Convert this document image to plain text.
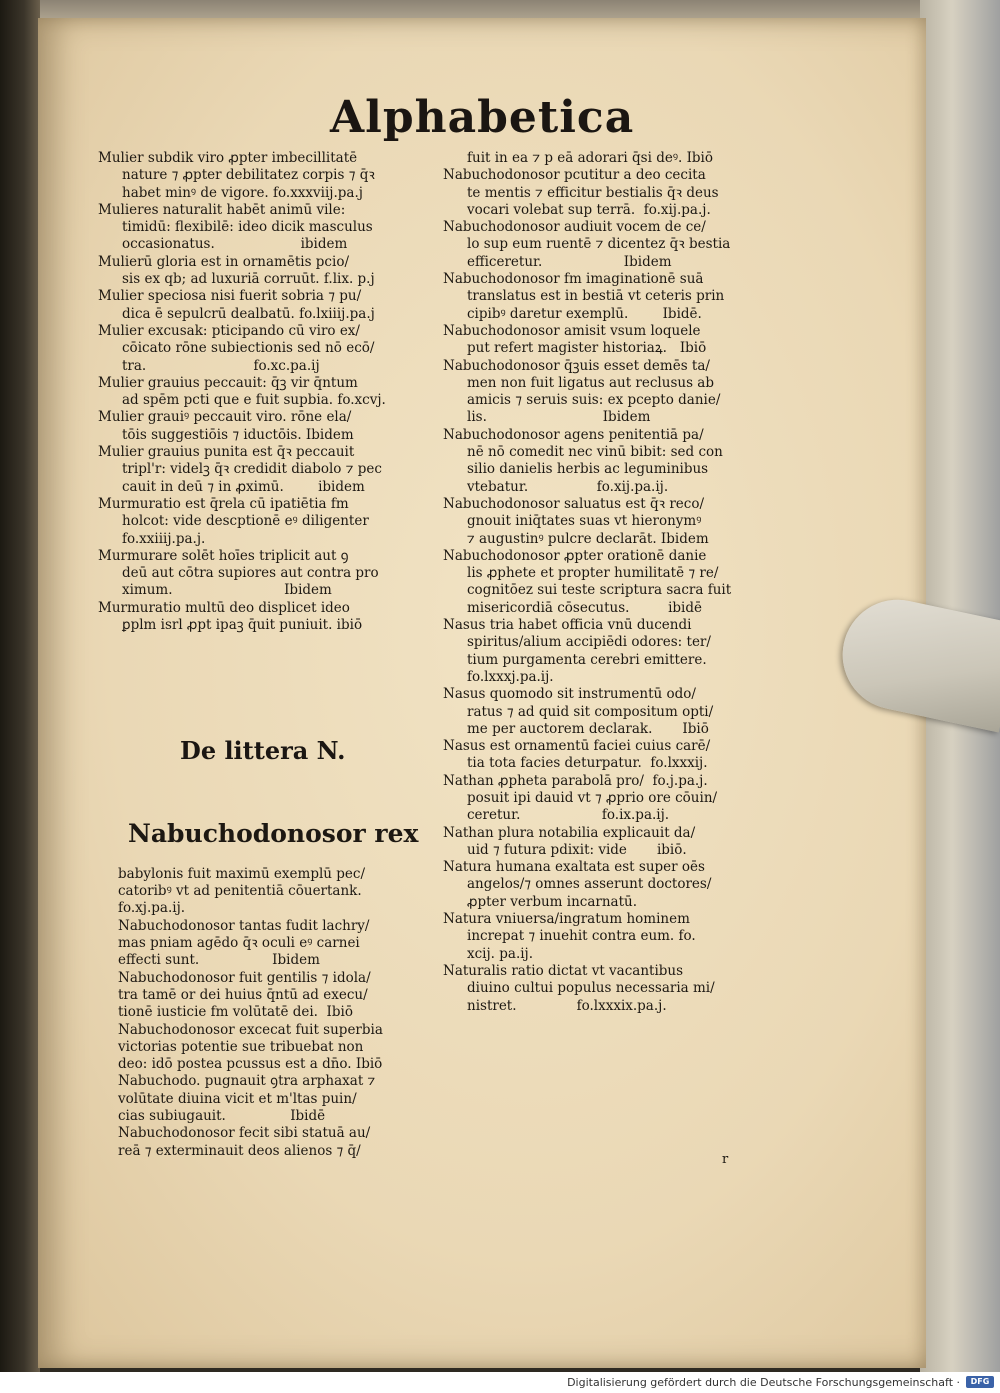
Alphabetica
Mulier subdik viro ꝓpter imbecillitatē
nature ⁊ ꝓpter debilitatez corpis ⁊ q̄ꝛ
habet minꝰ de vigore. fo.xxxviij.pa.j
Mulieres naturalit habēt animū vile:
timidū: flexibilē: ideo dicik masculus
occasionatus.                    ibidem
Mulierū gloria est in ornamētis pcio/
sis ex qb; ad luxuriā corruūt. f.lix. p.j
Mulier speciosa nisi fuerit sobria ⁊ pu/
dica ē sepulcrū dealbatū. fo.lxiiij.pa.j
Mulier excusak: pticipando cū viro ex/
cōicato rōne subiectionis sed nō ecō/
tra.                         fo.xc.pa.ij
Mulier grauius peccauit: q̄ꝫ vir q̄ntum
ad spēm pcti que e fuit supbia. fo.xcvj.
Mulier grauiꝰ peccauit viro. rōne ela/
tōis suggestiōis ⁊ iductōis. Ibidem
Mulier grauius punita est q̄ꝛ peccauit
tripl'r: videlꝫ q̄ꝛ credidit diabolo ⁊ pec
cauit in deū ⁊ in ꝓximū.        ibidem
Murmuratio est q̄rela cū ipatiētia fm
holcot: vide descptionē eꝰ diligenter
fo.xxiiij.pa.j.
Murmurare solēt hoīes triplicit aut ꝯ
deū aut cōtra supiores aut contra pro
ximum.                          Ibidem
Murmuratio multū deo displicet ideo
ꝑplm isrl ꝓpt ipaꝫ q̄uit puniuit. ibiō
fuit in ea ⁊ p eā adorari q̄si deꝰ. Ibiō
Nabuchodonosor pcutitur a deo cecita
te mentis ⁊ efficitur bestialis q̄ꝛ deus
vocari volebat sup terrā.  fo.xij.pa.j.
Nabuchodonosor audiuit vocem de ce/
lo sup eum ruentē ⁊ dicentez q̄ꝛ bestia
efficeretur.                   Ibidem
Nabuchodonosor fm imaginationē suā
translatus est in bestiā vt ceteris prin
cipibꝰ daretur exemplū.        Ibidē.
Nabuchodonosor amisit vsum loquele
put refert magister historiaꝝ.   Ibiō
Nabuchodonosor q̄ꝫuis esset demēs ta/
men non fuit ligatus aut reclusus ab
amicis ⁊ seruis suis: ex pcepto danie/
lis.                           Ibidem
Nabuchodonosor agens penitentiā pa/
nē nō comedit nec vinū bibit: sed con
silio danielis herbis ac leguminibus
vtebatur.                fo.xij.pa.ij.
Nabuchodonosor saluatus est q̄ꝛ reco/
gnouit iniq̄tates suas vt hieronymꝰ
⁊ augustinꝰ pulcre declarāt. Ibidem
Nabuchodonosor ꝓpter orationē danie
lis ꝓphete et propter humilitatē ⁊ re/
cognitōez sui teste scriptura sacra fuit
misericordiā cōsecutus.         ibidē
Nasus tria habet officia vnū ducendi
spiritus/alium accipiēdi odores: ter/
tium purgamenta cerebri emittere.
fo.lxxxj.pa.ij.
Nasus quomodo sit instrumentū odo/
ratus ⁊ ad quid sit compositum opti/
me per auctorem declarak.       Ibiō
Nasus est ornamentū faciei cuius carē/
tia tota facies deturpatur.  fo.lxxxij.
Nathan ꝓpheta parabolā pro/  fo.j.pa.j.
posuit ipi dauid vt ⁊ ꝓprio ore cōuin/
ceretur.                   fo.ix.pa.ij.
Nathan plura notabilia explicauit da/
uid ⁊ futura pdixit: vide       ibiō.
Natura humana exaltata est super oēs
angelos/⁊ omnes asserunt doctores/
ꝓpter verbum incarnatū.
Natura vniuersa/ingratum hominem
increpat ⁊ inuehit contra eum. fo.
xcij. pa.ij.
Naturalis ratio dictat vt vacantibus
diuino cultui populus necessaria mi/
nistret.              fo.lxxxix.pa.j.
De littera N.

Nabuchodonosor rex

babylonis fuit maximū exemplū pec/
catoribꝰ vt ad penitentiā cōuertank.
fo.xj.pa.ij.
Nabuchodonosor tantas fudit lachry/
mas pniam agēdo q̄ꝛ oculi eꝰ carnei
effecti sunt.                 Ibidem
Nabuchodonosor fuit gentilis ⁊ idola/
tra tamē or dei huius q̄ntū ad execu/
tionē iusticie fm volūtatē dei.  Ibiō
Nabuchodonosor excecat fuit superbia
victorias potentie sue tribuebat non
deo: idō postea pcussus est a dn̄o. Ibiō
Nabuchodo. pugnauit ꝯtra arphaxat ⁊
volūtate diuina vicit et m'ltas puin/
cias subiugauit.               Ibidē
Nabuchodonosor fecit sibi statuā au/
reā ⁊ exterminauit deos alienos ⁊ q̄/
r
Digitalisierung gefördert durch die Deutsche Forschungsgemeinschaft ·	DFG
